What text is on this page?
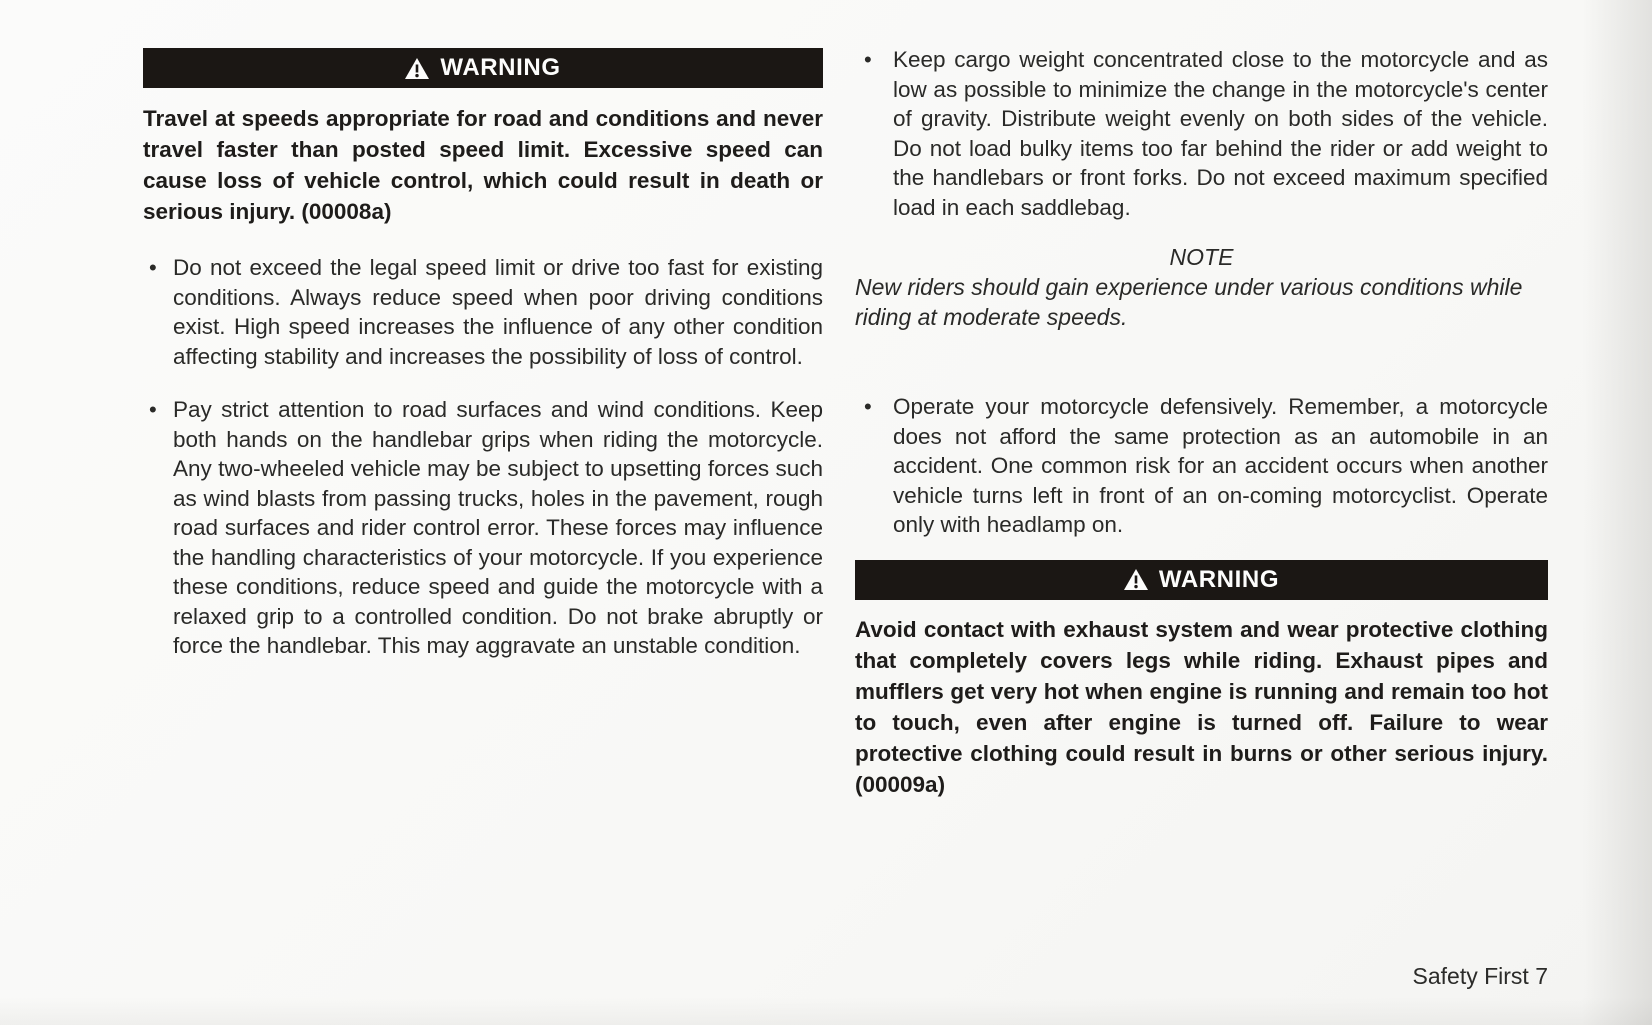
WARNING

Travel at speeds appropriate for road and conditions and never travel faster than posted speed limit. Excessive speed can cause loss of vehicle control, which could result in death or serious injury. (00008a)

• Do not exceed the legal speed limit or drive too fast for existing conditions. Always reduce speed when poor driving conditions exist. High speed increases the influence of any other condition affecting stability and increases the possibility of loss of control.
• Pay strict attention to road surfaces and wind conditions. Keep both hands on the handlebar grips when riding the motorcycle. Any two-wheeled vehicle may be subject to upsetting forces such as wind blasts from passing trucks, holes in the pavement, rough road surfaces and rider control error. These forces may influence the handling characteristics of your motorcycle. If you experience these conditions, reduce speed and guide the motorcycle with a relaxed grip to a controlled condition. Do not brake abruptly or force the handlebar. This may aggravate an unstable condition.
• Keep cargo weight concentrated close to the motorcycle and as low as possible to minimize the change in the motorcycle's center of gravity. Distribute weight evenly on both sides of the vehicle. Do not load bulky items too far behind the rider or add weight to the handlebars or front forks. Do not exceed maximum specified load in each saddlebag.

NOTE

New riders should gain experience under various conditions while riding at moderate speeds.

• Operate your motorcycle defensively. Remember, a motorcycle does not afford the same protection as an automobile in an accident. One common risk for an accident occurs when another vehicle turns left in front of an on-coming motorcyclist. Operate only with headlamp on.
WARNING

Avoid contact with exhaust system and wear protective clothing that completely covers legs while riding. Exhaust pipes and mufflers get very hot when engine is running and remain too hot to touch, even after engine is turned off. Failure to wear protective clothing could result in burns or other serious injury. (00009a)

Safety First 7
